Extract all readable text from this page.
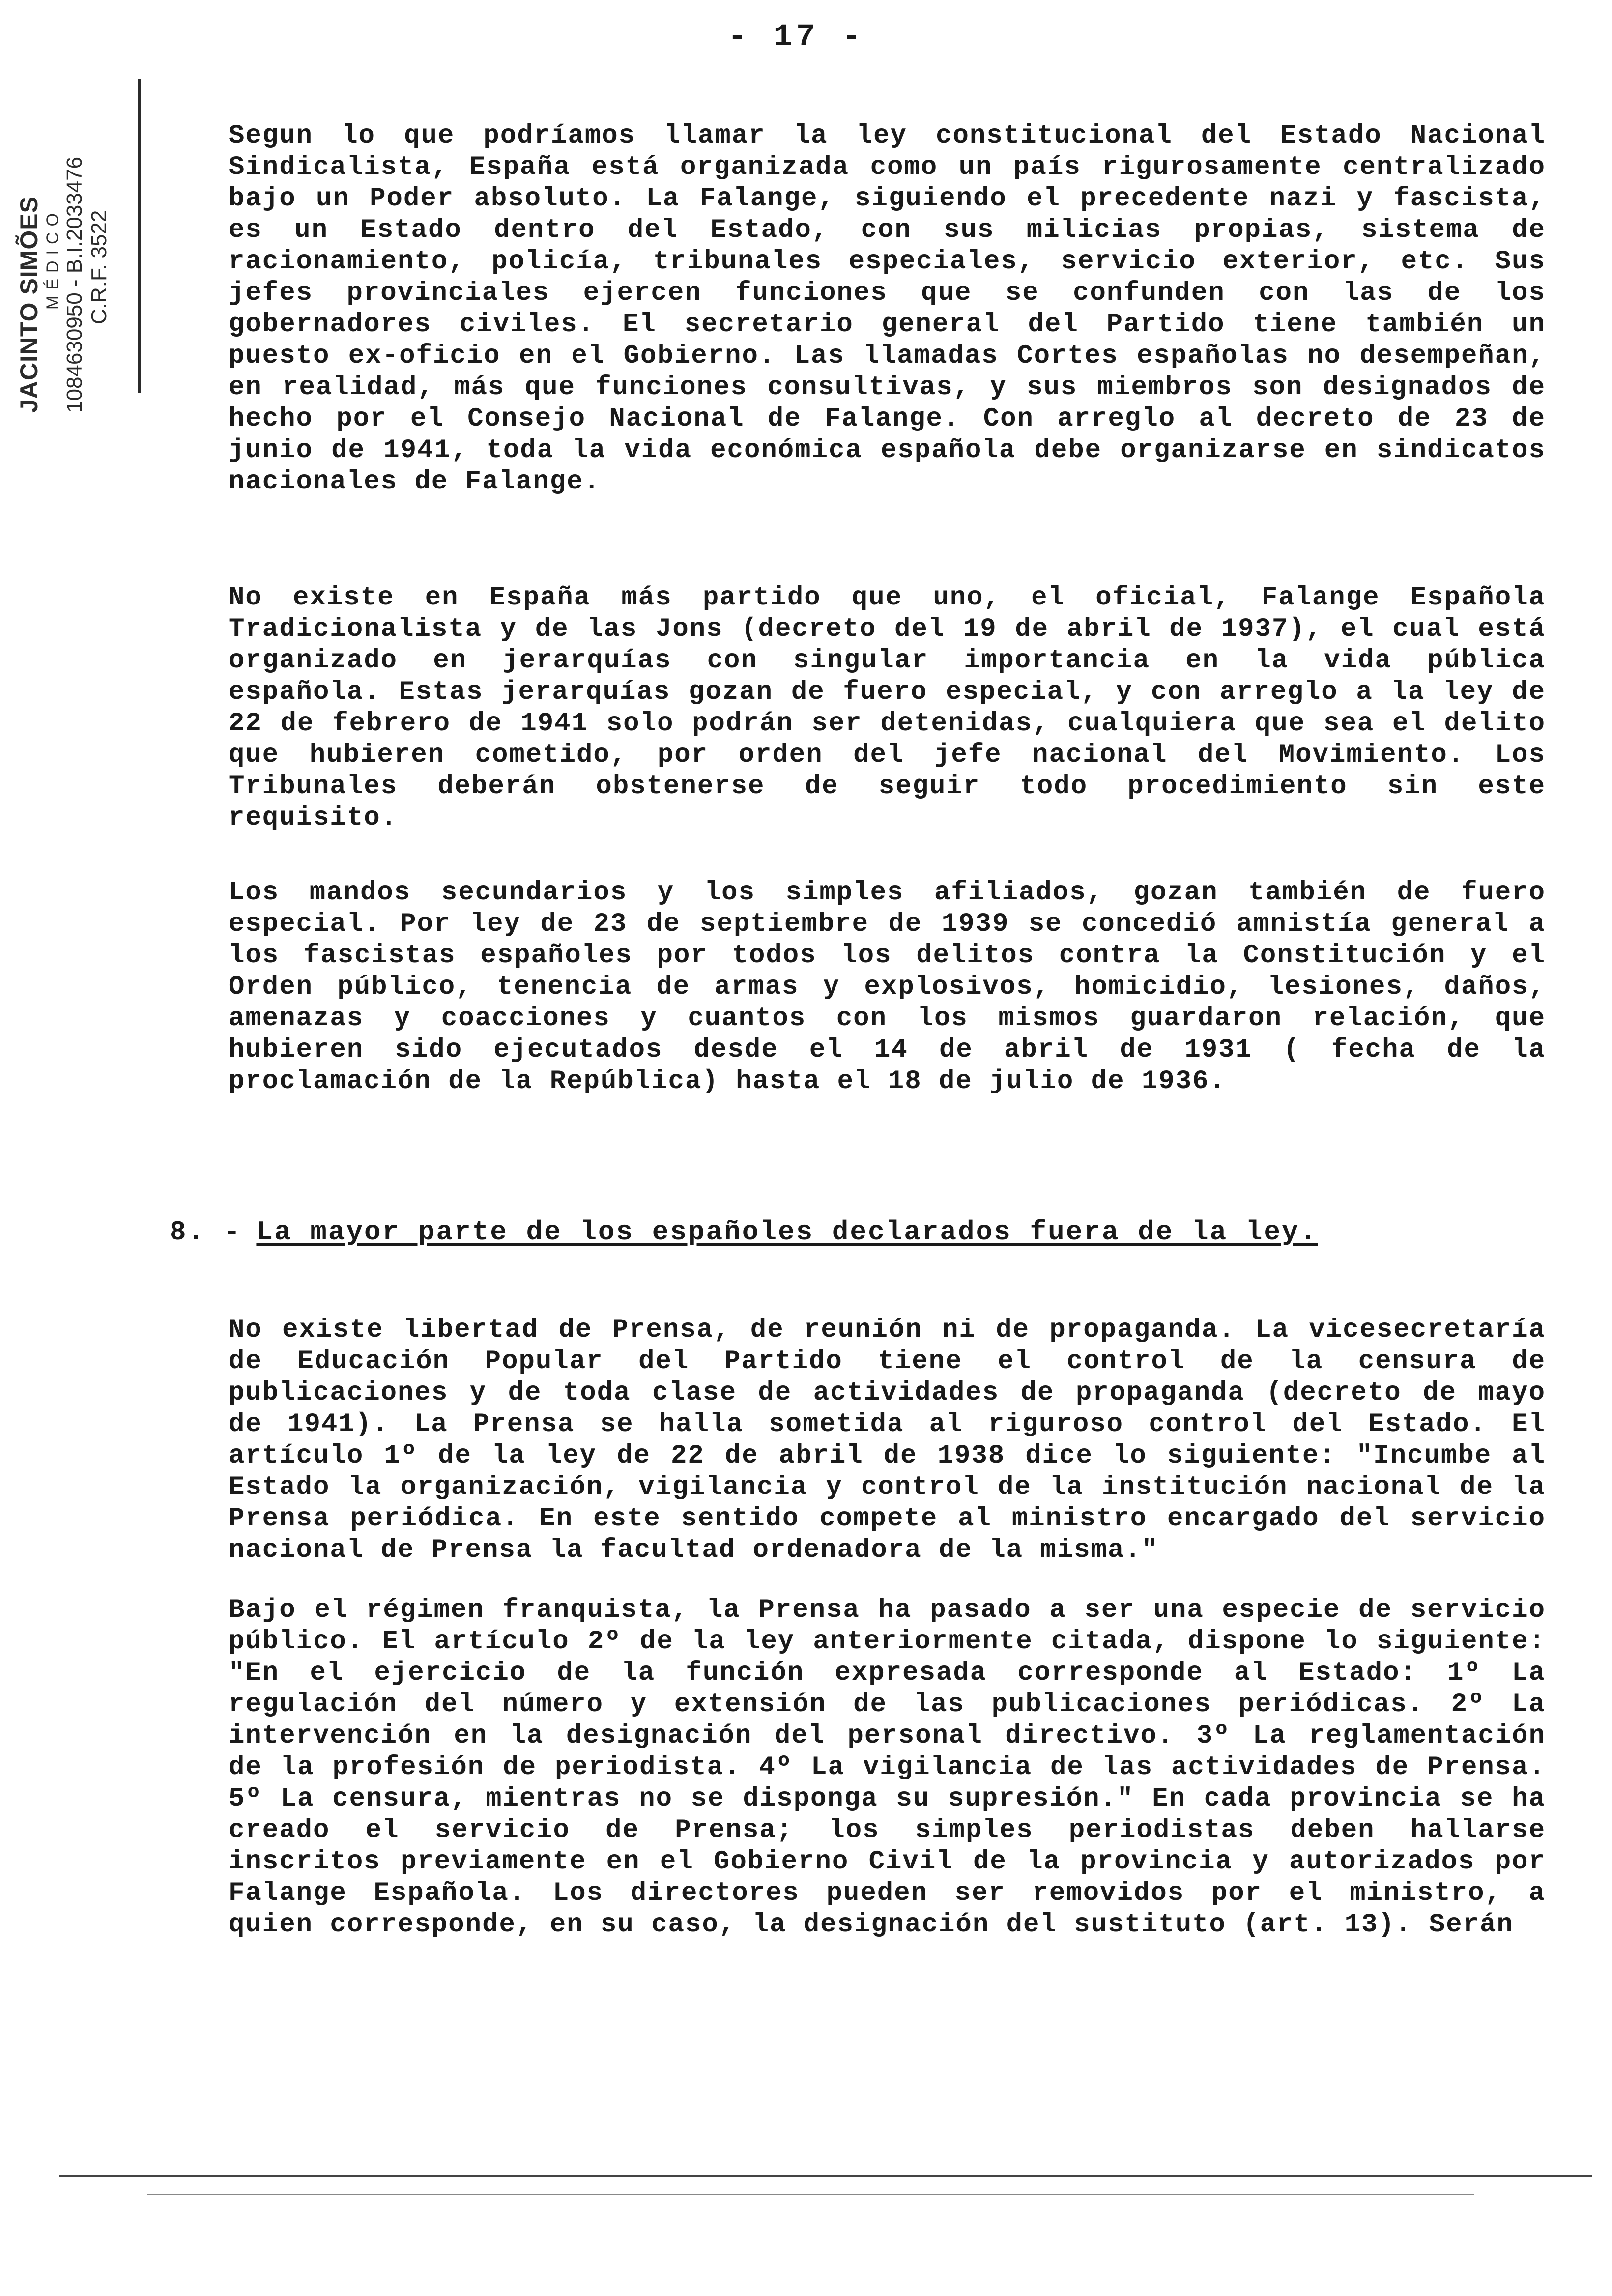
JACINTO SIMÕES MÉDICO 1084630950 - B.I.2033476 C.R.F. 3522
- 17 -

Segun lo que podríamos llamar la ley constitucional del Estado Nacional Sindicalista, España está organizada como un país rigurosamente centralizado bajo un Poder absoluto. La Falange, siguiendo el precedente nazi y fascista, es un Estado dentro del Estado, con sus milicias propias, sistema de racionamiento, policía, tribunales especiales, servicio exterior, etc. Sus jefes provinciales ejercen funciones que se confunden con las de los gobernadores civiles. El secretario general del Partido tiene también un puesto ex-oficio en el Gobierno. Las llamadas Cortes españolas no desempeñan, en realidad, más que funciones consultivas, y sus miembros son designados de hecho por el Consejo Nacional de Falange. Con arreglo al decreto de 23 de junio de 1941, toda la vida económica española debe organizarse en sindicatos nacionales de Falange.

No existe en España más partido que uno, el oficial, Falange Española Tradicionalista y de las Jons (decreto del 19 de abril de 1937), el cual está organizado en jerarquías con singular importancia en la vida pública española. Estas jerarquías gozan de fuero especial, y con arreglo a la ley de 22 de febrero de 1941 solo podrán ser detenidas, cualquiera que sea el delito que hubieren cometido, por orden del jefe nacional del Movimiento. Los Tribunales deberán obstenerse de seguir todo procedimiento sin este requisito.

Los mandos secundarios y los simples afiliados, gozan también de fuero especial. Por ley de 23 de septiembre de 1939 se concedió amnistía general a los fascistas españoles por todos los delitos contra la Constitución y el Orden público, tenencia de armas y explosivos, homicidio, lesiones, daños, amenazas y coacciones y cuantos con los mismos guardaron relación, que hubieren sido ejecutados desde el 14 de abril de 1931 ( fecha de la proclamación de la República) hasta el 18 de julio de 1936.

8. - La mayor parte de los españoles declarados fuera de la ley.

No existe libertad de Prensa, de reunión ni de propaganda. La vicesecretaría de Educación Popular del Partido tiene el control de la censura de publicaciones y de toda clase de actividades de propaganda (decreto de mayo de 1941). La Prensa se halla sometida al riguroso control del Estado. El artículo 1º de la ley de 22 de abril de 1938 dice lo siguiente: "Incumbe al Estado la organización, vigilancia y control de la institución nacional de la Prensa periódica. En este sentido compete al ministro encargado del servicio nacional de Prensa la facultad ordenadora de la misma."

Bajo el régimen franquista, la Prensa ha pasado a ser una especie de servicio público. El artículo 2º de la ley anteriormente citada, dispone lo siguiente: "En el ejercicio de la función expresada corresponde al Estado: 1º La regulación del número y extensión de las publicaciones periódicas. 2º La intervención en la designación del personal directivo. 3º La reglamentación de la profesión de periodista. 4º La vigilancia de las actividades de Prensa. 5º La censura, mientras no se disponga su supresión." En cada provincia se ha creado el servicio de Prensa; los simples periodistas deben hallarse inscritos previamente en el Gobierno Civil de la provincia y autorizados por Falange Española. Los directores pueden ser removidos por el ministro, a quien corresponde, en su caso, la designación del sustituto (art. 13). Serán
